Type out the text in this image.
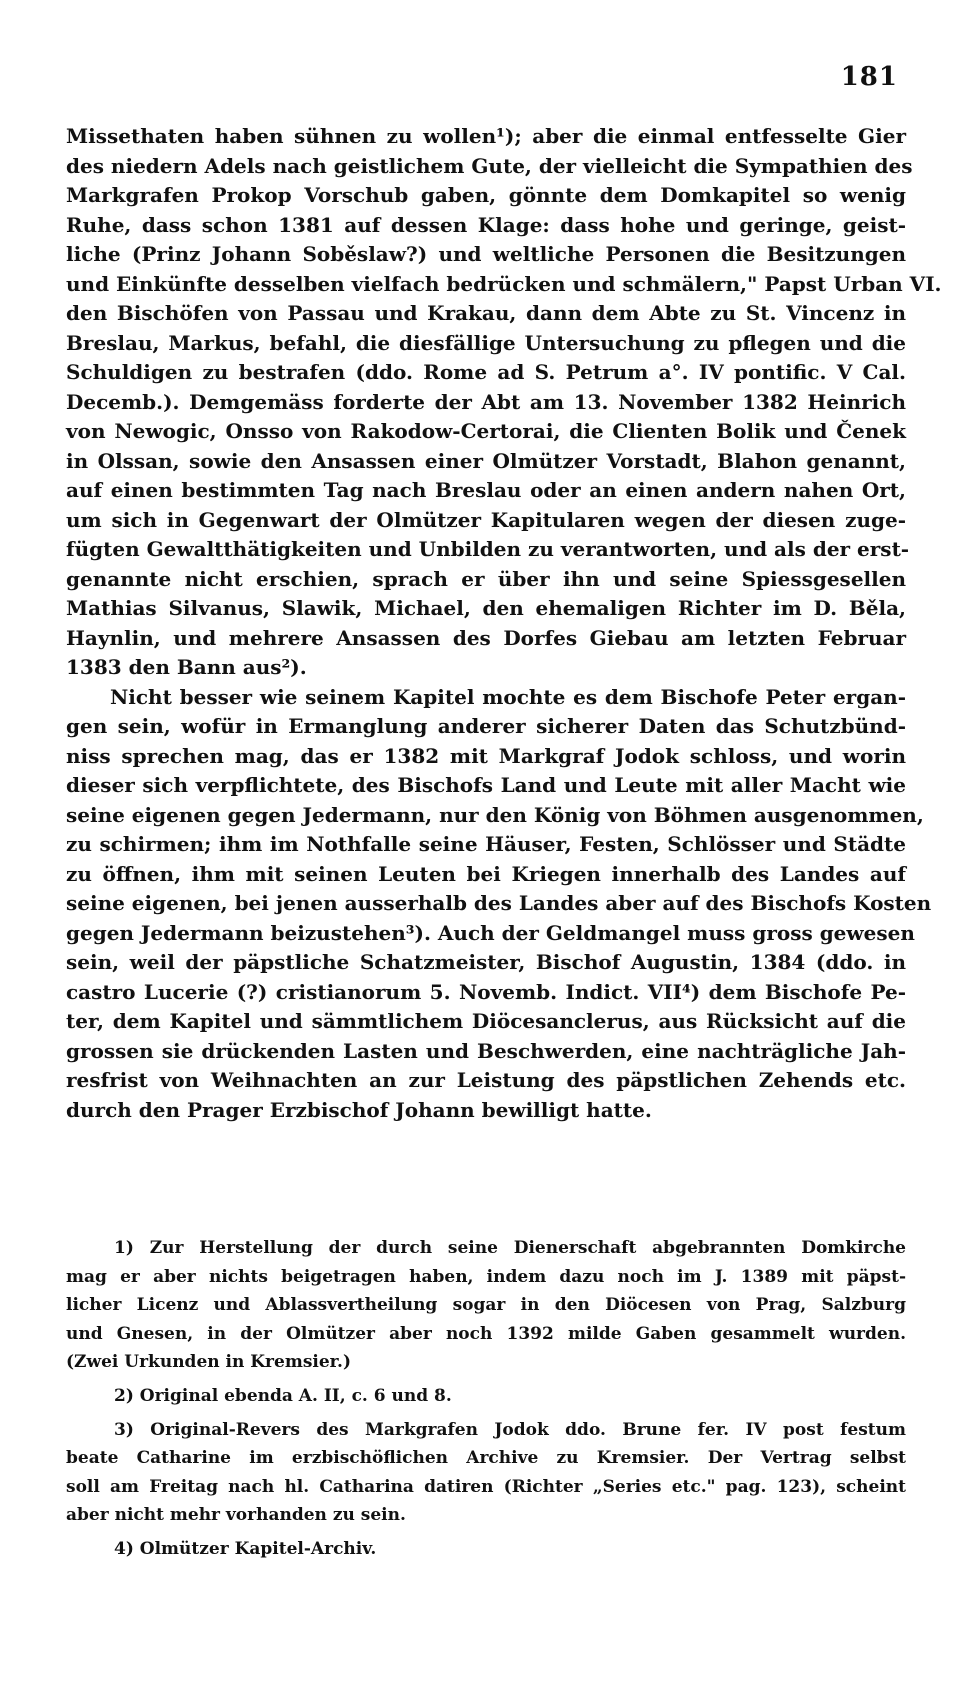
181
Missethaten haben sühnen zu wollen¹); aber die einmal entfesselte Gier
des niedern Adels nach geistlichem Gute, der vielleicht die Sympathien des
Markgrafen Prokop Vorschub gaben, gönnte dem Domkapitel so wenig
Ruhe, dass schon 1381 auf dessen Klage: dass hohe und geringe, geist-
liche (Prinz Johann Soběslaw?) und weltliche Personen die Besitzungen
und Einkünfte desselben vielfach bedrücken und schmälern," Papst Urban VI.
den Bischöfen von Passau und Krakau, dann dem Abte zu St. Vincenz in
Breslau, Markus, befahl, die diesfällige Untersuchung zu pflegen und die
Schuldigen zu bestrafen (ddo. Rome ad S. Petrum a°. IV pontific. V Cal.
Decemb.). Demgemäss forderte der Abt am 13. November 1382 Heinrich
von Newogic, Onsso von Rakodow-Certorai, die Clienten Bolik und Čenek
in Olssan, sowie den Ansassen einer Olmützer Vorstadt, Blahon genannt,
auf einen bestimmten Tag nach Breslau oder an einen andern nahen Ort,
um sich in Gegenwart der Olmützer Kapitularen wegen der diesen zuge-
fügten Gewaltthätigkeiten und Unbilden zu verantworten, und als der erst-
genannte nicht erschien, sprach er über ihn und seine Spiessgesellen
Mathias Silvanus, Slawik, Michael, den ehemaligen Richter im D. Běla,
Haynlin, und mehrere Ansassen des Dorfes Giebau am letzten Februar
1383 den Bann aus²).
Nicht besser wie seinem Kapitel mochte es dem Bischofe Peter ergan-
gen sein, wofür in Ermanglung anderer sicherer Daten das Schutzbünd-
niss sprechen mag, das er 1382 mit Markgraf Jodok schloss, und worin
dieser sich verpflichtete, des Bischofs Land und Leute mit aller Macht wie
seine eigenen gegen Jedermann, nur den König von Böhmen ausgenommen,
zu schirmen; ihm im Nothfalle seine Häuser, Festen, Schlösser und Städte
zu öffnen, ihm mit seinen Leuten bei Kriegen innerhalb des Landes auf
seine eigenen, bei jenen ausserhalb des Landes aber auf des Bischofs Kosten
gegen Jedermann beizustehen³). Auch der Geldmangel muss gross gewesen
sein, weil der päpstliche Schatzmeister, Bischof Augustin, 1384 (ddo. in
castro Lucerie (?) cristianorum 5. Novemb. Indict. VII⁴) dem Bischofe Pe-
ter, dem Kapitel und sämmtlichem Diöcesanclerus, aus Rücksicht auf die
grossen sie drückenden Lasten und Beschwerden, eine nachträgliche Jah-
resfrist von Weihnachten an zur Leistung des päpstlichen Zehends etc.
durch den Prager Erzbischof Johann bewilligt hatte.
1) Zur Herstellung der durch seine Dienerschaft abgebrannten Domkirche
mag er aber nichts beigetragen haben, indem dazu noch im J. 1389 mit päpst-
licher Licenz und Ablassvertheilung sogar in den Diöcesen von Prag, Salzburg
und Gnesen, in der Olmützer aber noch 1392 milde Gaben gesammelt wurden.
(Zwei Urkunden in Kremsier.)
2) Original ebenda A. II, c. 6 und 8.
3) Original-Revers des Markgrafen Jodok ddo. Brune fer. IV post festum
beate Catharine im erzbischöflichen Archive zu Kremsier. Der Vertrag selbst
soll am Freitag nach hl. Catharina datiren (Richter „Series etc." pag. 123), scheint
aber nicht mehr vorhanden zu sein.
4) Olmützer Kapitel-Archiv.
